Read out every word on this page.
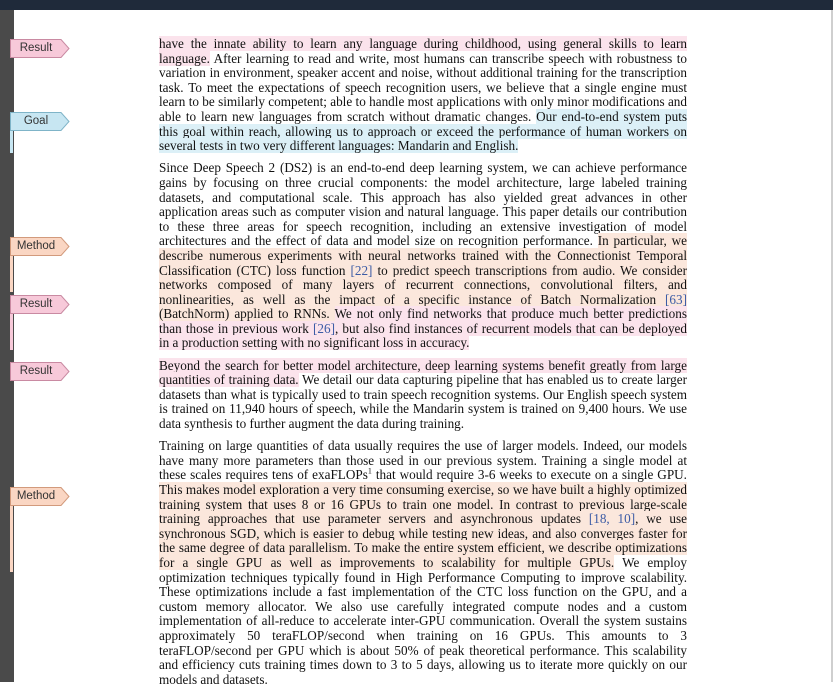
Result
Goal
Method
Result
Result
Method

have the innate ability to learn any language during childhood, using general skills to learn language. After learning to read and write, most humans can transcribe speech with robustness to variation in environment, speaker accent and noise, without additional training for the transcription task. To meet the expectations of speech recognition users, we believe that a single engine must learn to be similarly competent; able to handle most applications with only minor modifications and able to learn new languages from scratch without dramatic changes. Our end-to-end system puts this goal within reach, allowing us to approach or exceed the performance of human workers on several tests in two very different languages: Mandarin and English.

Since Deep Speech 2 (DS2) is an end-to-end deep learning system, we can achieve performance gains by focusing on three crucial components: the model architecture, large labeled training datasets, and computational scale. This approach has also yielded great advances in other application areas such as computer vision and natural language. This paper details our contribution to these three areas for speech recognition, including an extensive investigation of model architectures and the effect of data and model size on recognition performance. In particular, we describe numerous experiments with neural networks trained with the Connectionist Temporal Classification (CTC) loss function [22] to predict speech transcriptions from audio. We consider networks composed of many layers of recurrent connections, convolutional filters, and nonlinearities, as well as the impact of a specific instance of Batch Normalization [63] (BatchNorm) applied to RNNs. We not only find networks that produce much better predictions than those in previous work [26], but also find instances of recurrent models that can be deployed in a production setting with no significant loss in accuracy.

Beyond the search for better model architecture, deep learning systems benefit greatly from large quantities of training data. We detail our data capturing pipeline that has enabled us to create larger datasets than what is typically used to train speech recognition systems. Our English speech system is trained on 11,940 hours of speech, while the Mandarin system is trained on 9,400 hours. We use data synthesis to further augment the data during training.

Training on large quantities of data usually requires the use of larger models. Indeed, our models have many more parameters than those used in our previous system. Training a single model at these scales requires tens of exaFLOPs$^1$ that would require 3-6 weeks to execute on a single GPU. This makes model exploration a very time consuming exercise, so we have built a highly optimized training system that uses 8 or 16 GPUs to train one model. In contrast to previous large-scale training approaches that use parameter servers and asynchronous updates [18, 10], we use synchronous SGD, which is easier to debug while testing new ideas, and also converges faster for the same degree of data parallelism. To make the entire system efficient, we describe optimizations for a single GPU as well as improvements to scalability for multiple GPUs. We employ optimization techniques typically found in High Performance Computing to improve scalability. These optimizations include a fast implementation of the CTC loss function on the GPU, and a custom memory allocator. We also use carefully integrated compute nodes and a custom implementation of all-reduce to accelerate inter-GPU communication. Overall the system sustains approximately 50 teraFLOP/second when training on 16 GPUs. This amounts to 3 teraFLOP/second per GPU which is about 50% of peak theoretical performance. This scalability and efficiency cuts training times down to 3 to 5 days, allowing us to iterate more quickly on our models and datasets.
